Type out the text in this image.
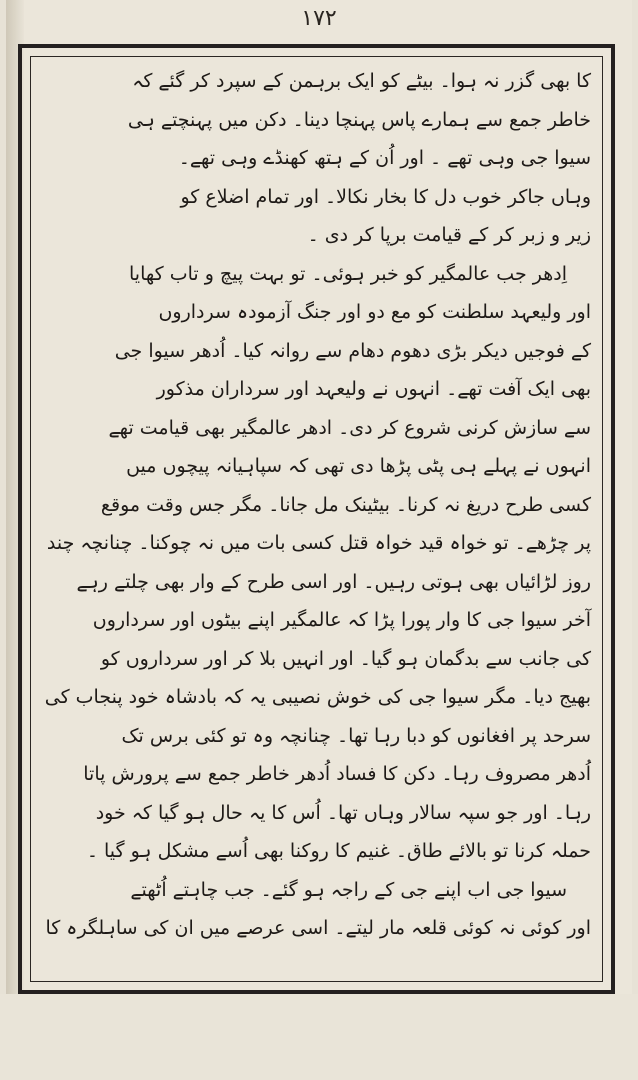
۱۷۲
کا بھی گزر نہ ہوا۔ بیٹے کو ایک برہمن کے سپرد کر گئے کہ
خاطر جمع سے ہمارے پاس پہنچا دینا۔ دکن میں پہنچتے ہی
سیوا جی وہی تھے ۔ اور اُن کے ہتھ کھنڈے وہی تھے۔
وہاں جاکر خوب دل کا بخار نکالا۔ اور تمام اضلاع کو
زیر و زبر کر کے قیامت برپا کر دی ۔
اِدھر جب عالمگیر کو خبر ہوئی۔ تو بہت پیچ و تاب کھایا
اور ولیعہد سلطنت کو مع دو اور جنگ آزمودہ سرداروں
کے فوجیں دیکر بڑی دھوم دھام سے روانہ کیا۔ اُدھر سیوا جی
بھی ایک آفت تھے۔ انہوں نے ولیعہد اور سرداران مذکور
سے سازش کرنی شروع کر دی۔ ادھر عالمگیر بھی قیامت تھے
انہوں نے پہلے ہی پٹی پڑھا دی تھی کہ سپاہیانہ پیچوں میں
کسی طرح دریغ نہ کرنا۔ بیٹینک مل جانا۔ مگر جس وقت موقع
پر چڑھے۔ تو خواہ قید خواہ قتل کسی بات میں نہ چوکنا۔ چنانچہ چند
روز لڑائیاں بھی ہوتی رہیں۔ اور اسی طرح کے وار بھی چلتے رہے
آخر سیوا جی کا وار پورا پڑا کہ عالمگیر اپنے بیٹوں اور سرداروں
کی جانب سے بدگمان ہو گیا۔ اور انہیں بلا کر اور سرداروں کو
بھیج دیا۔ مگر سیوا جی کی خوش نصیبی یہ کہ بادشاہ خود پنجاب کی
سرحد پر افغانوں کو دبا رہا تھا۔ چنانچہ وہ تو کئی برس تک
اُدھر مصروف رہا۔ دکن کا فساد اُدھر خاطر جمع سے پرورش پاتا
رہا۔ اور جو سپہ سالار وہاں تھا۔ اُس کا یہ حال ہو گیا کہ خود
حملہ کرنا تو بالائے طاق۔ غنیم کا روکنا بھی اُسے مشکل ہو گیا ۔
سیوا جی اب اپنے جی کے راجہ ہو گئے۔ جب چاہتے اُٹھتے
اور کوئی نہ کوئی قلعہ مار لیتے۔ اسی عرصے میں ان کی ساہلگرہ کا
